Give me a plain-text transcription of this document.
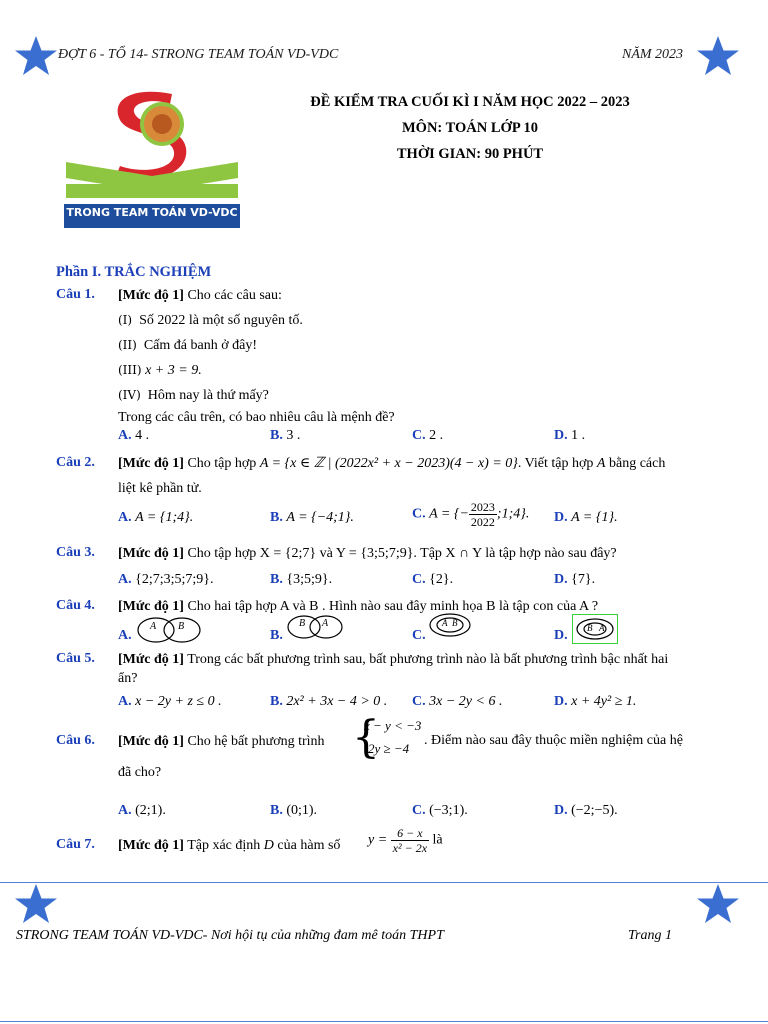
ĐỢT 6 - TỔ 14- STRONG TEAM TOÁN VD-VDC	NĂM 2023
TRONG TEAM TOÁN VD-VDC
ĐỀ KIỂM TRA CUỐI KÌ I NĂM HỌC 2022 – 2023
MÔN: TOÁN LỚP 10
THỜI GIAN: 90 PHÚT
Phần I. TRẮC NGHIỆM
Câu 1. [Mức độ 1] Cho các câu sau:
(I) Số 2022 là một số nguyên tố.
(II) Cấm đá banh ở đây!
(III) x + 3 = 9.
(IV) Hôm nay là thứ mấy?
Trong các câu trên, có bao nhiêu câu là mệnh đề?
A. 4 .	B. 3 .	C. 2 .	D. 1 .
Câu 2. [Mức độ 1] Cho tập hợp A = {x ∈ ℤ | (2022x² + x − 2023)(4 − x) = 0}. Viết tập hợp A bằng cách
liệt kê phần tử.
A. A = {1;4}.	B. A = {−4;1}.	C. A = {− $\frac{2023}{2022}$ ;1;4}. D. A = {1}.
Câu 3. [Mức độ 1] Cho tập hợp X = {2;7} và Y = {3;5;7;9}. Tập X ∩ Y là tập hợp nào sau đây?
A. {2;7;3;5;7;9}.	B. {3;5;9}.	C. {2}.	D. {7}.
Câu 4. [Mức độ 1] Cho hai tập hợp A và B . Hình nào sau đây minh họa B là tập con của A ?
A.
A B
B.
B A
C.
A B
D. B A
Câu 5. [Mức độ 1] Trong các bất phương trình sau, bất phương trình nào là bất phương trình bậc nhất hai
ẩn?
A. x − 2y + z ≤ 0 .	B. 2x² + 3x − 4 > 0 . C. 3x − 2y < 6 .	D. x + 4y² ≥ 1.
Câu 6. [Mức độ 1] Cho hệ bất phương trình {
x − y < −3
2y ≥ −4
. Điểm nào sau đây thuộc miền nghiệm của hệ
đã cho?
A. (2;1).	B. (0;1).	C. (−3;1).	D. (−2;−5).
Câu 7. [Mức độ 1] Tập xác định D của hàm số $y = \frac{6 - x}{\text{x² − 2x}}$ là
STRONG TEAM TOÁN VD-VDC- Nơi hội tụ của những đam mê toán THPT	Trang 1
